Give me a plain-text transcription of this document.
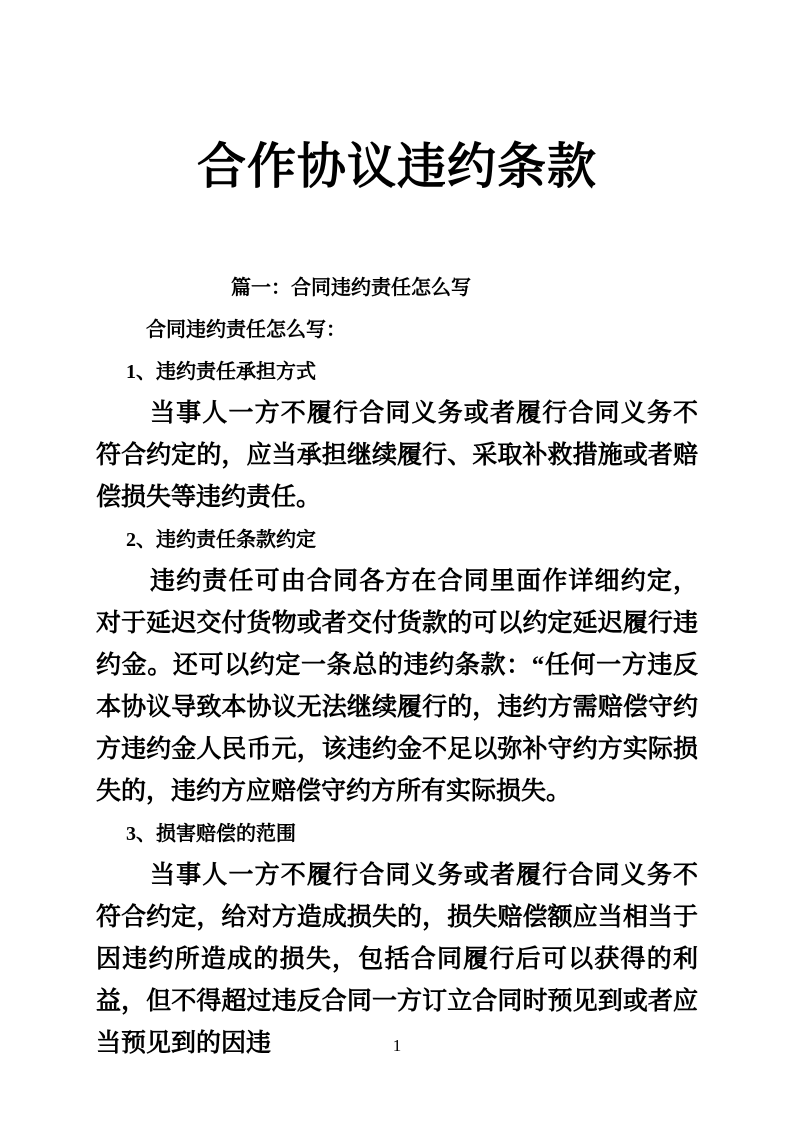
合作协议违约条款

篇一：合同违约责任怎么写

合同违约责任怎么写：

1、违约责任承担方式

当事人一方不履行合同义务或者履行合同义务不符合约定的，应当承担继续履行、采取补救措施或者赔偿损失等违约责任。

2、违约责任条款约定

违约责任可由合同各方在合同里面作详细约定，对于延迟交付货物或者交付货款的可以约定延迟履行违约金。还可以约定一条总的违约条款：“任何一方违反本协议导致本协议无法继续履行的，违约方需赔偿守约方违约金人民币元，该违约金不足以弥补守约方实际损失的，违约方应赔偿守约方所有实际损失。

3、损害赔偿的范围

当事人一方不履行合同义务或者履行合同义务不符合约定，给对方造成损失的，损失赔偿额应当相当于因违约所造成的损失，包括合同履行后可以获得的利益，但不得超过违反合同一方订立合同时预见到或者应当预见到的因违	1
